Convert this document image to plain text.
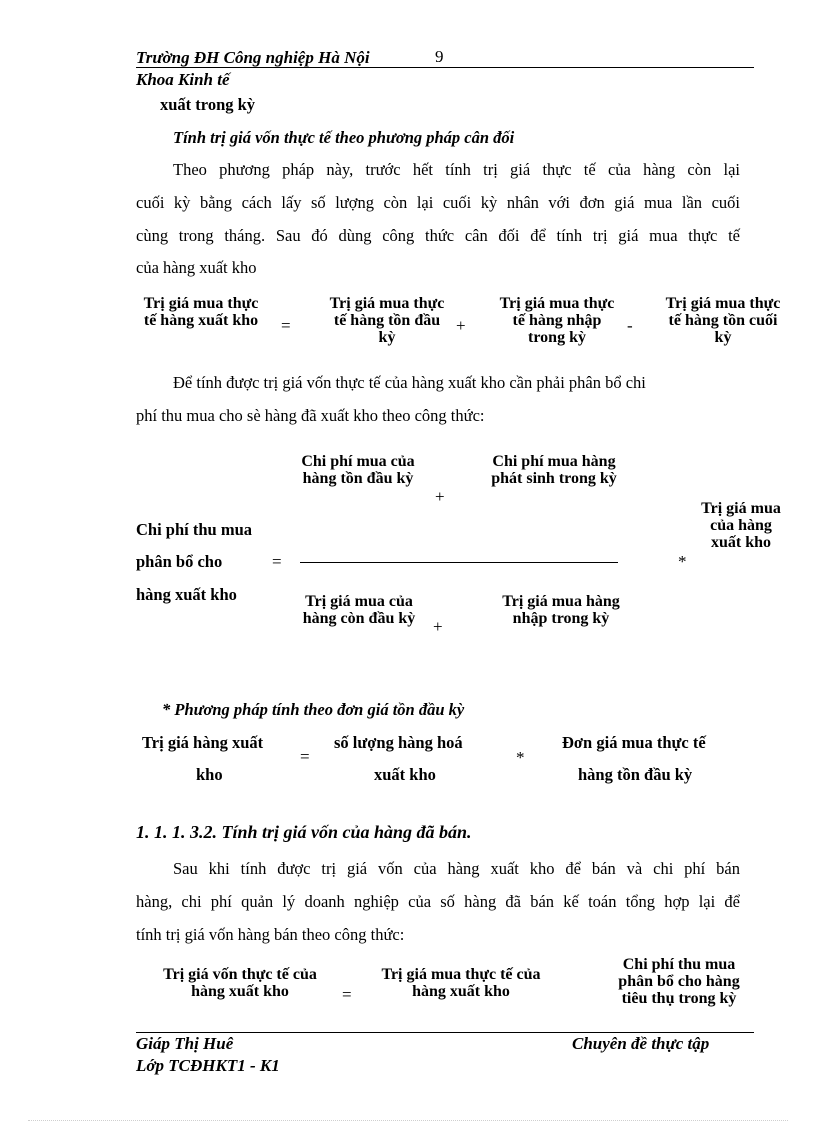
Trường ĐH Công nghiệp Hà Nội	9
Khoa Kinh tế
xuất trong kỳ
Tính trị giá vốn thực tế theo phương pháp cân đối
Theo phương pháp này, trước hết tính trị giá thực tế của hàng còn lại
cuối kỳ bằng cách lấy số lượng còn lại cuối kỳ nhân với đơn giá mua lần cuối
cùng trong tháng. Sau đó dùng công thức cân đối để tính trị giá mua thực tế
của hàng xuất kho
Trị giá mua thực tế hàng xuất kho =
Trị giá mua thực tế hàng tồn đầu kỳ
+
Trị giá mua thực tế hàng nhập trong kỳ
-
Trị giá mua thực tế hàng tồn cuối kỳ
Để tính được trị giá vốn thực tế của hàng xuất kho cần phải phân bổ chi
phí thu mua cho sè hàng đã xuất kho theo công thức:
Chi phí thu mua
phân bổ cho
hàng xuất kho
=
Chi phí mua của hàng tồn đầu kỳ
+
Chi phí mua hàng phát sinh trong kỳ
Trị giá mua của hàng còn đầu kỳ +
Trị giá mua hàng nhập trong kỳ
*
Trị giá mua của hàng xuất kho
* Phương pháp tính theo đơn giá tồn đầu kỳ
Trị giá hàng xuất
kho
=
số lượng hàng hoá
xuất kho
*
Đơn giá mua thực tế
hàng tồn đầu kỳ
1. 1. 1. 3.2. Tính trị giá vốn của hàng đã bán.
Sau khi tính được trị giá vốn của hàng xuất kho để bán và chi phí bán
hàng, chi phí quản lý doanh nghiệp của số hàng đã bán kế toán tổng hợp lại để
tính trị giá vốn hàng bán theo công thức:
Trị giá vốn thực tế của hàng xuất kho	=
Trị giá mua thực tế của hàng xuất kho
Chi phí thu mua phân bổ cho hàng tiêu thụ trong kỳ
Giáp Thị Huê	Chuyên đề thực tập
Lớp TCĐHKT1 - K1
